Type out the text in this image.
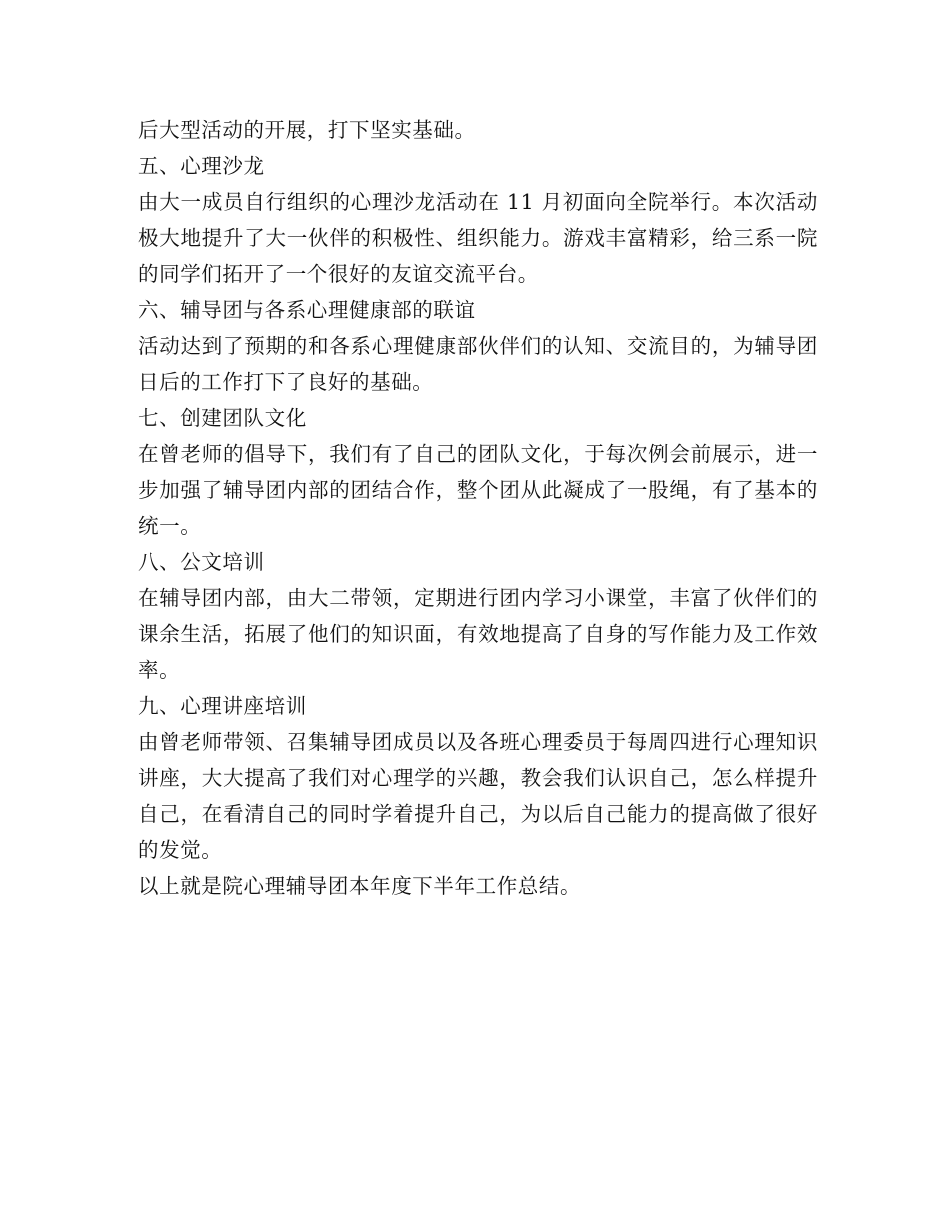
后大型活动的开展，打下坚实基础。

五、心理沙龙

由大一成员自行组织的心理沙龙活动在 11 月初面向全院举行。本次活动极大地提升了大一伙伴的积极性、组织能力。游戏丰富精彩，给三系一院的同学们拓开了一个很好的友谊交流平台。

六、辅导团与各系心理健康部的联谊

活动达到了预期的和各系心理健康部伙伴们的认知、交流目的，为辅导团日后的工作打下了良好的基础。

七、创建团队文化

在曾老师的倡导下，我们有了自己的团队文化，于每次例会前展示，进一步加强了辅导团内部的团结合作，整个团从此凝成了一股绳，有了基本的统一。

八、公文培训

在辅导团内部，由大二带领，定期进行团内学习小课堂，丰富了伙伴们的课余生活，拓展了他们的知识面，有效地提高了自身的写作能力及工作效率。

九、心理讲座培训

由曾老师带领、召集辅导团成员以及各班心理委员于每周四进行心理知识讲座，大大提高了我们对心理学的兴趣，教会我们认识自己，怎么样提升自己，在看清自己的同时学着提升自己，为以后自己能力的提高做了很好的发觉。

以上就是院心理辅导团本年度下半年工作总结。
